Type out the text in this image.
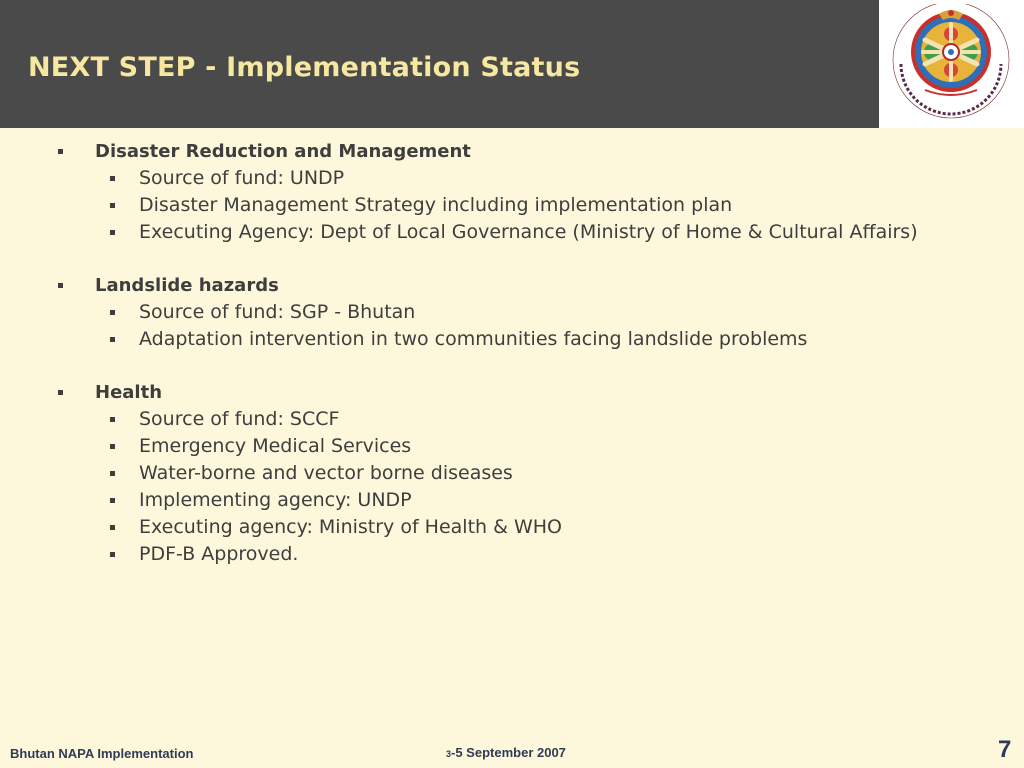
NEXT STEP - Implementation Status
Disaster Reduction and Management
Source of fund: UNDP
Disaster Management Strategy including implementation plan
Executing Agency: Dept of Local Governance (Ministry of Home & Cultural Affairs)
Landslide hazards
Source of fund: SGP - Bhutan
Adaptation intervention in two communities facing landslide problems
Health
Source of fund: SCCF
Emergency Medical Services
Water-borne and vector borne diseases
Implementing agency: UNDP
Executing agency: Ministry of Health & WHO
PDF-B Approved.
Bhutan NAPA Implementation	3-5 September 2007	7
